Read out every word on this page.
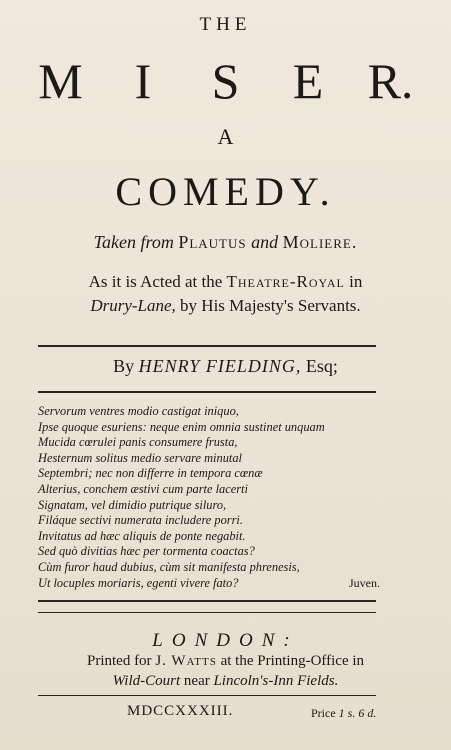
THE
M I S E R.
A
COMEDY.
Taken from Plautus and Moliere.
As it is Acted at the Theatre-Royal in
Drury-Lane, by His Majesty's Servants.
By HENRY FIELDING, Esq;
Servorum ventres modio castigat iniquo,
Ipse quoque esuriens: neque enim omnia sustinet unquam
Mucida cœrulei panis consumere frusta,
Hesternum solitus medio servare minutal
Septembri; nec non differre in tempora cœnæ
Alterius, conchem æstivi cum parte lacerti
Signatam, vel dimidio putrique siluro,
Filáque sectivi numerata includere porri.
Invitatus ad hæc aliquis de ponte negabit.
Sed quò divitias hæc per tormenta coactas?
Cùm furor haud dubius, cùm sit manifesta phrenesis,
Ut locuples moriaris, egenti vivere fato?	Juven.
LONDON:
Printed for J. Watts at the Printing-Office in
Wild-Court near Lincoln's-Inn Fields.
MDCCXXXIII.	Price 1 s. 6 d.
